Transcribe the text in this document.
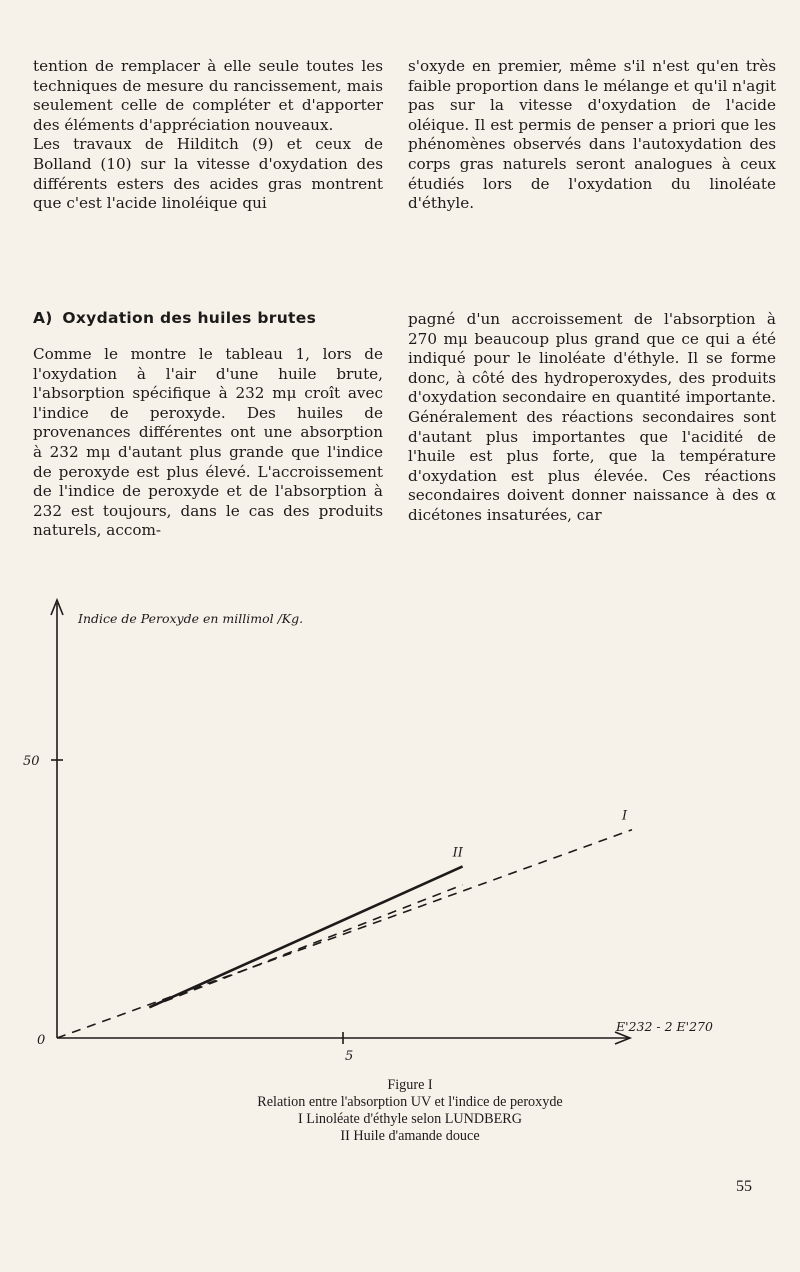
tention de remplacer à elle seule toutes les techniques de mesure du rancissement, mais seulement celle de compléter et d'apporter des éléments d'appréciation nouveaux.

Les travaux de Hilditch (9) et ceux de Bolland (10) sur la vitesse d'oxydation des différents esters des acides gras montrent que c'est l'acide linoléique qui

s'oxyde en premier, même s'il n'est qu'en très faible proportion dans le mélange et qu'il n'agit pas sur la vitesse d'oxydation de l'acide oléique. Il est permis de penser a priori que les phénomènes observés dans l'autoxydation des corps gras naturels seront analogues à ceux étudiés lors de l'oxydation du linoléate d'éthyle.

A) Oxydation des huiles brutes

Comme le montre le tableau 1, lors de l'oxydation à l'air d'une huile brute, l'absorption spécifique à 232 mμ croît avec l'indice de peroxyde. Des huiles de provenances différentes ont une absorption à 232 mμ d'autant plus grande que l'indice de peroxyde est plus élevé. L'accroissement de l'indice de peroxyde et de l'absorption à 232 est toujours, dans le cas des produits naturels, accom-

pagné d'un accroissement de l'absorption à 270 mμ beaucoup plus grand que ce qui a été indiqué pour le linoléate d'éthyle. Il se forme donc, à côté des hydroperoxydes, des produits d'oxydation secondaire en quantité importante. Généralement des réactions secondaires sont d'autant plus importantes que l'acidité de l'huile est plus forte, que la température d'oxydation est plus élevée. Ces réactions secondaires doivent donner naissance à des α dicétones insaturées, car

Indice de Peroxyde en millimol /Kg.
50
0
5
E'232 - 2 E'270
I
II
Figure I
Relation entre l'absorption UV et l'indice de peroxyde
I Linoléate d'éthyle selon LUNDBERG
II Huile d'amande douce
55
